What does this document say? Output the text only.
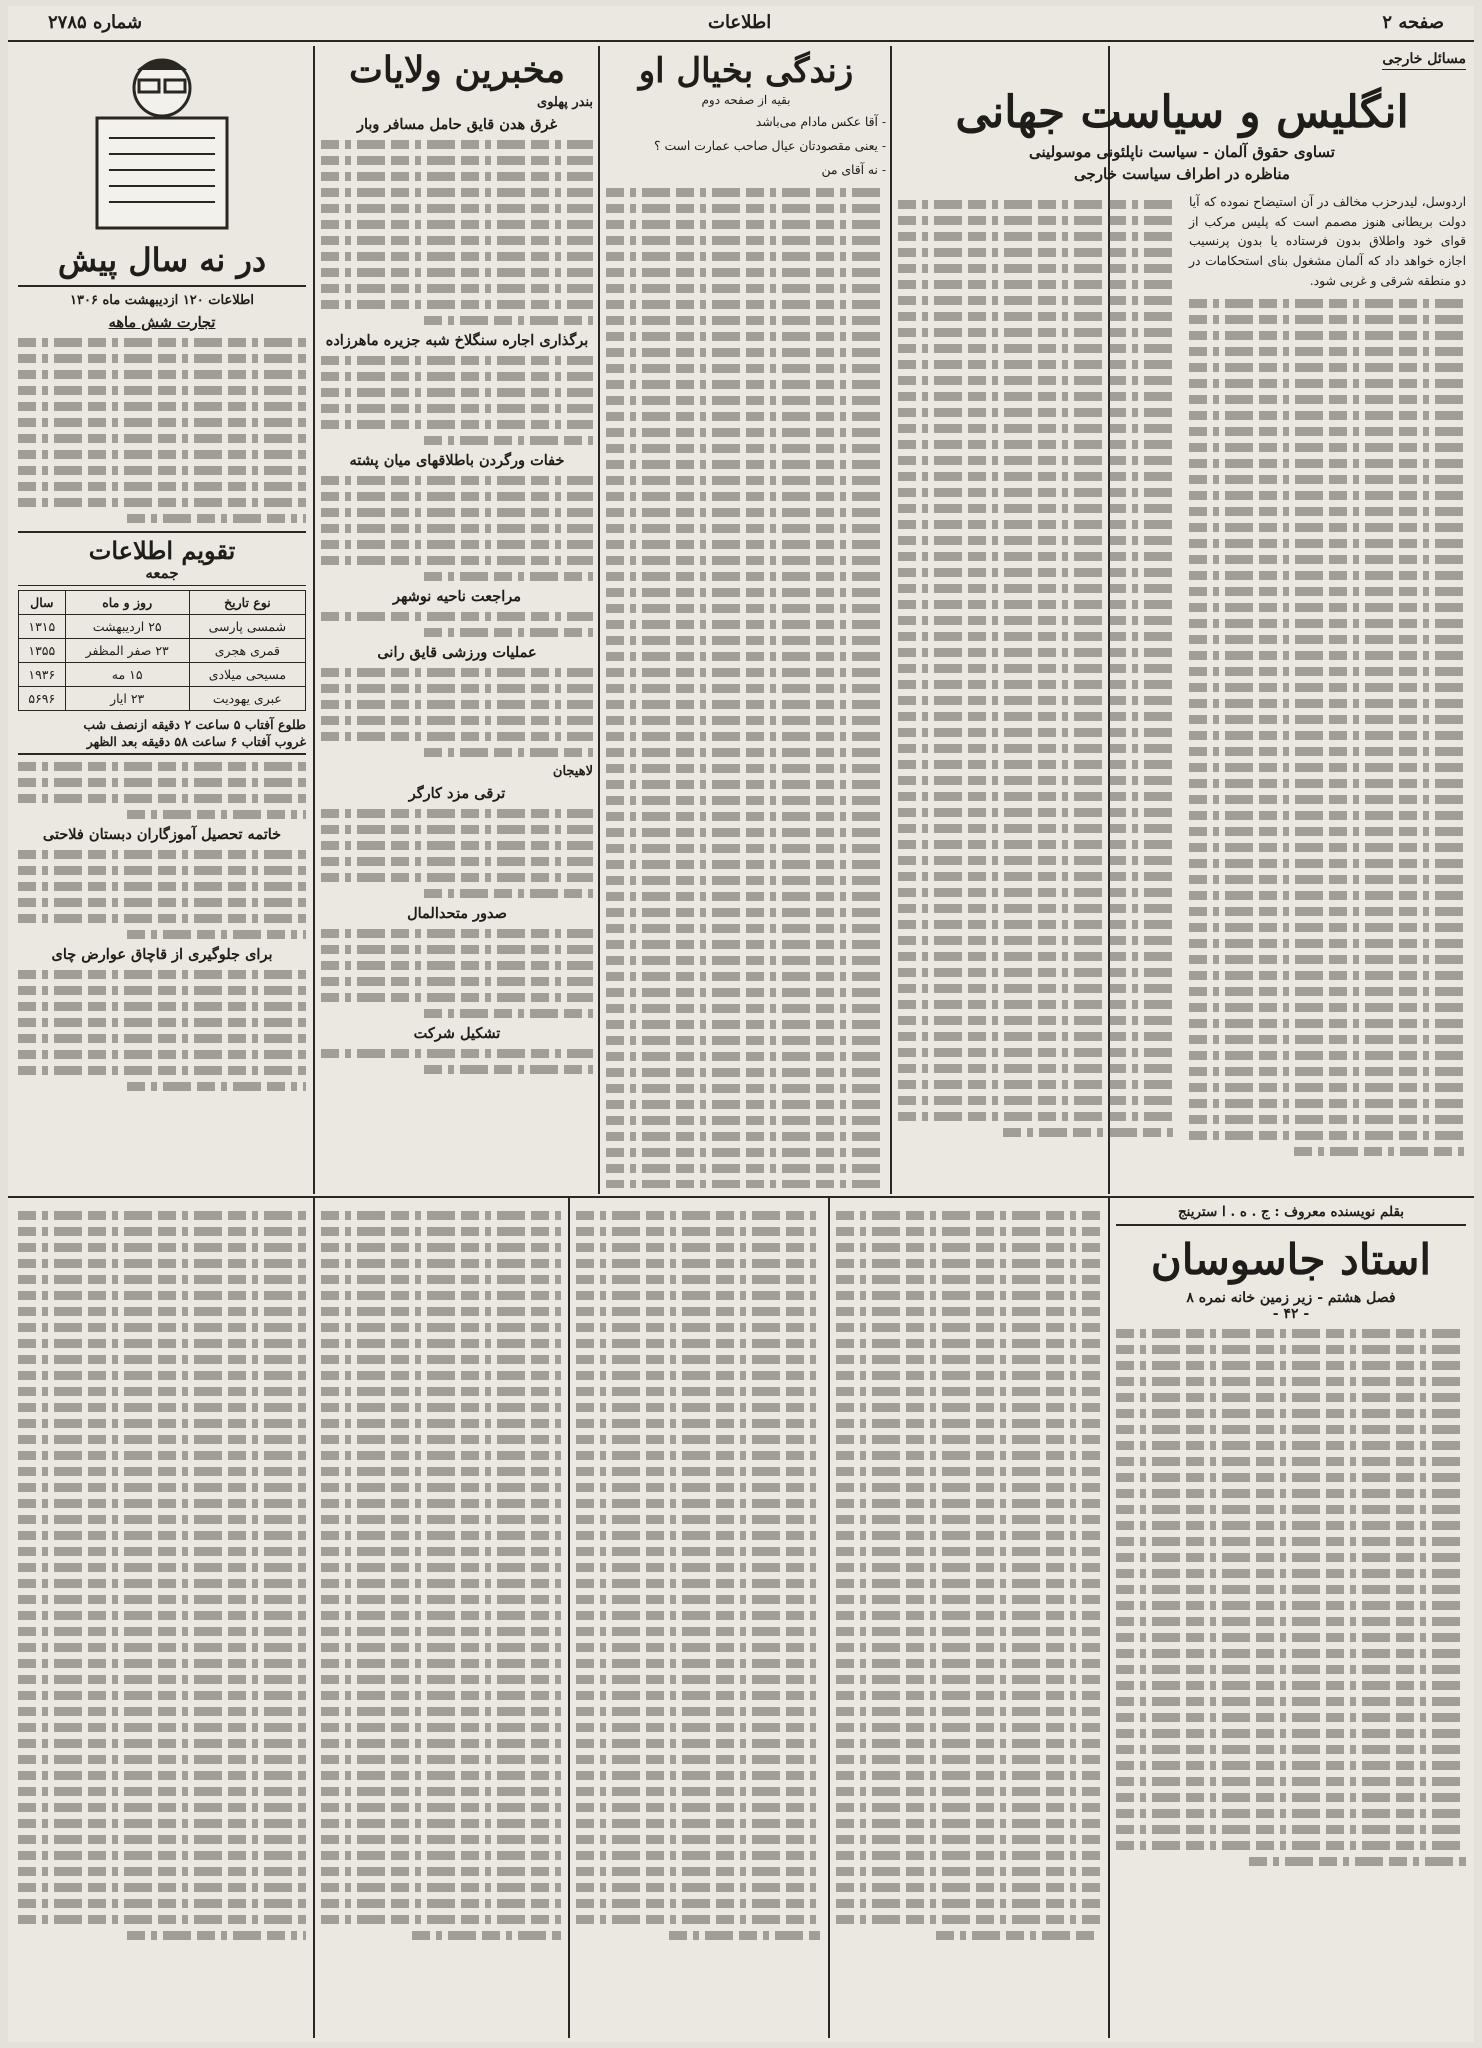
صفحه ۲
اطلاعات
شماره ۲۷۸۵
مسائل خارجی
انگلیس و سیاست جهانی
تساوی حقوق آلمان - سیاست ناپلئونی موسولینی
مناظره در اطراف سیاست خارجی

اردوسل، لیدرحزب مخالف در آن استیضاح نموده که آیا دولت بریطانی هنوز مصمم است که پلیس مرکب از قوای خود واطلاق بدون فرستاده یا بدون پرنسیب اجازه خواهد داد که آلمان مشغول بنای استحکامات در دو منطقه شرقی و غربی شود.

زندگی بخیال او
بقیه از صفحه دوم

- آقا عکس مادام می‌باشد

- یعنی مقصودتان عیال صاحب عمارت است ؟

- نه آقای من

مخبرین ولایات
بندر پهلوی
غرق هدن قایق حامل مسافر وبار
برگذاری اجاره سنگلاخ شبه جزیره ماهرزاده
خفات ورگردن باطلاقهای میان پشته
مراجعت ناحیه نوشهر
عملیات ورزشی قایق رانی
لاهیجان
ترقی مزد کارگر
صدور متحدالمال
تشکیل شرکت
در نه سال پیش
اطلاعات ۱۲۰ ازدیبهشت ماه ۱۳۰۶
تجارت شش ماهه
تقویم اطلاعات
جمعه
نوع تاریخ	روز و ماه	سال
شمسی پارسی	۲۵ اردیبهشت	۱۳۱۵
قمری هجری	۲۳ صفر المظفر	۱۳۵۵
مسیحی میلادی	۱۵ مه	۱۹۳۶
عبری یهودیت	۲۳ ایار	۵۶۹۶
طلوع آفتاب ۵ ساعت ۲ دقیقه ازنصف شب
غروب آفتاب ۶ ساعت ۵۸ دقیقه بعد الظهر
خاتمه تحصیل آموزگاران دبستان فلاحتی
برای جلوگیری از قاچاق عوارض چای
بقلم نویسنده معروف : ج . ه . ا سترینج
استاد جاسوسان
فصل هشتم - زیر زمین خانه نمره ۸
- ۴۲ -
